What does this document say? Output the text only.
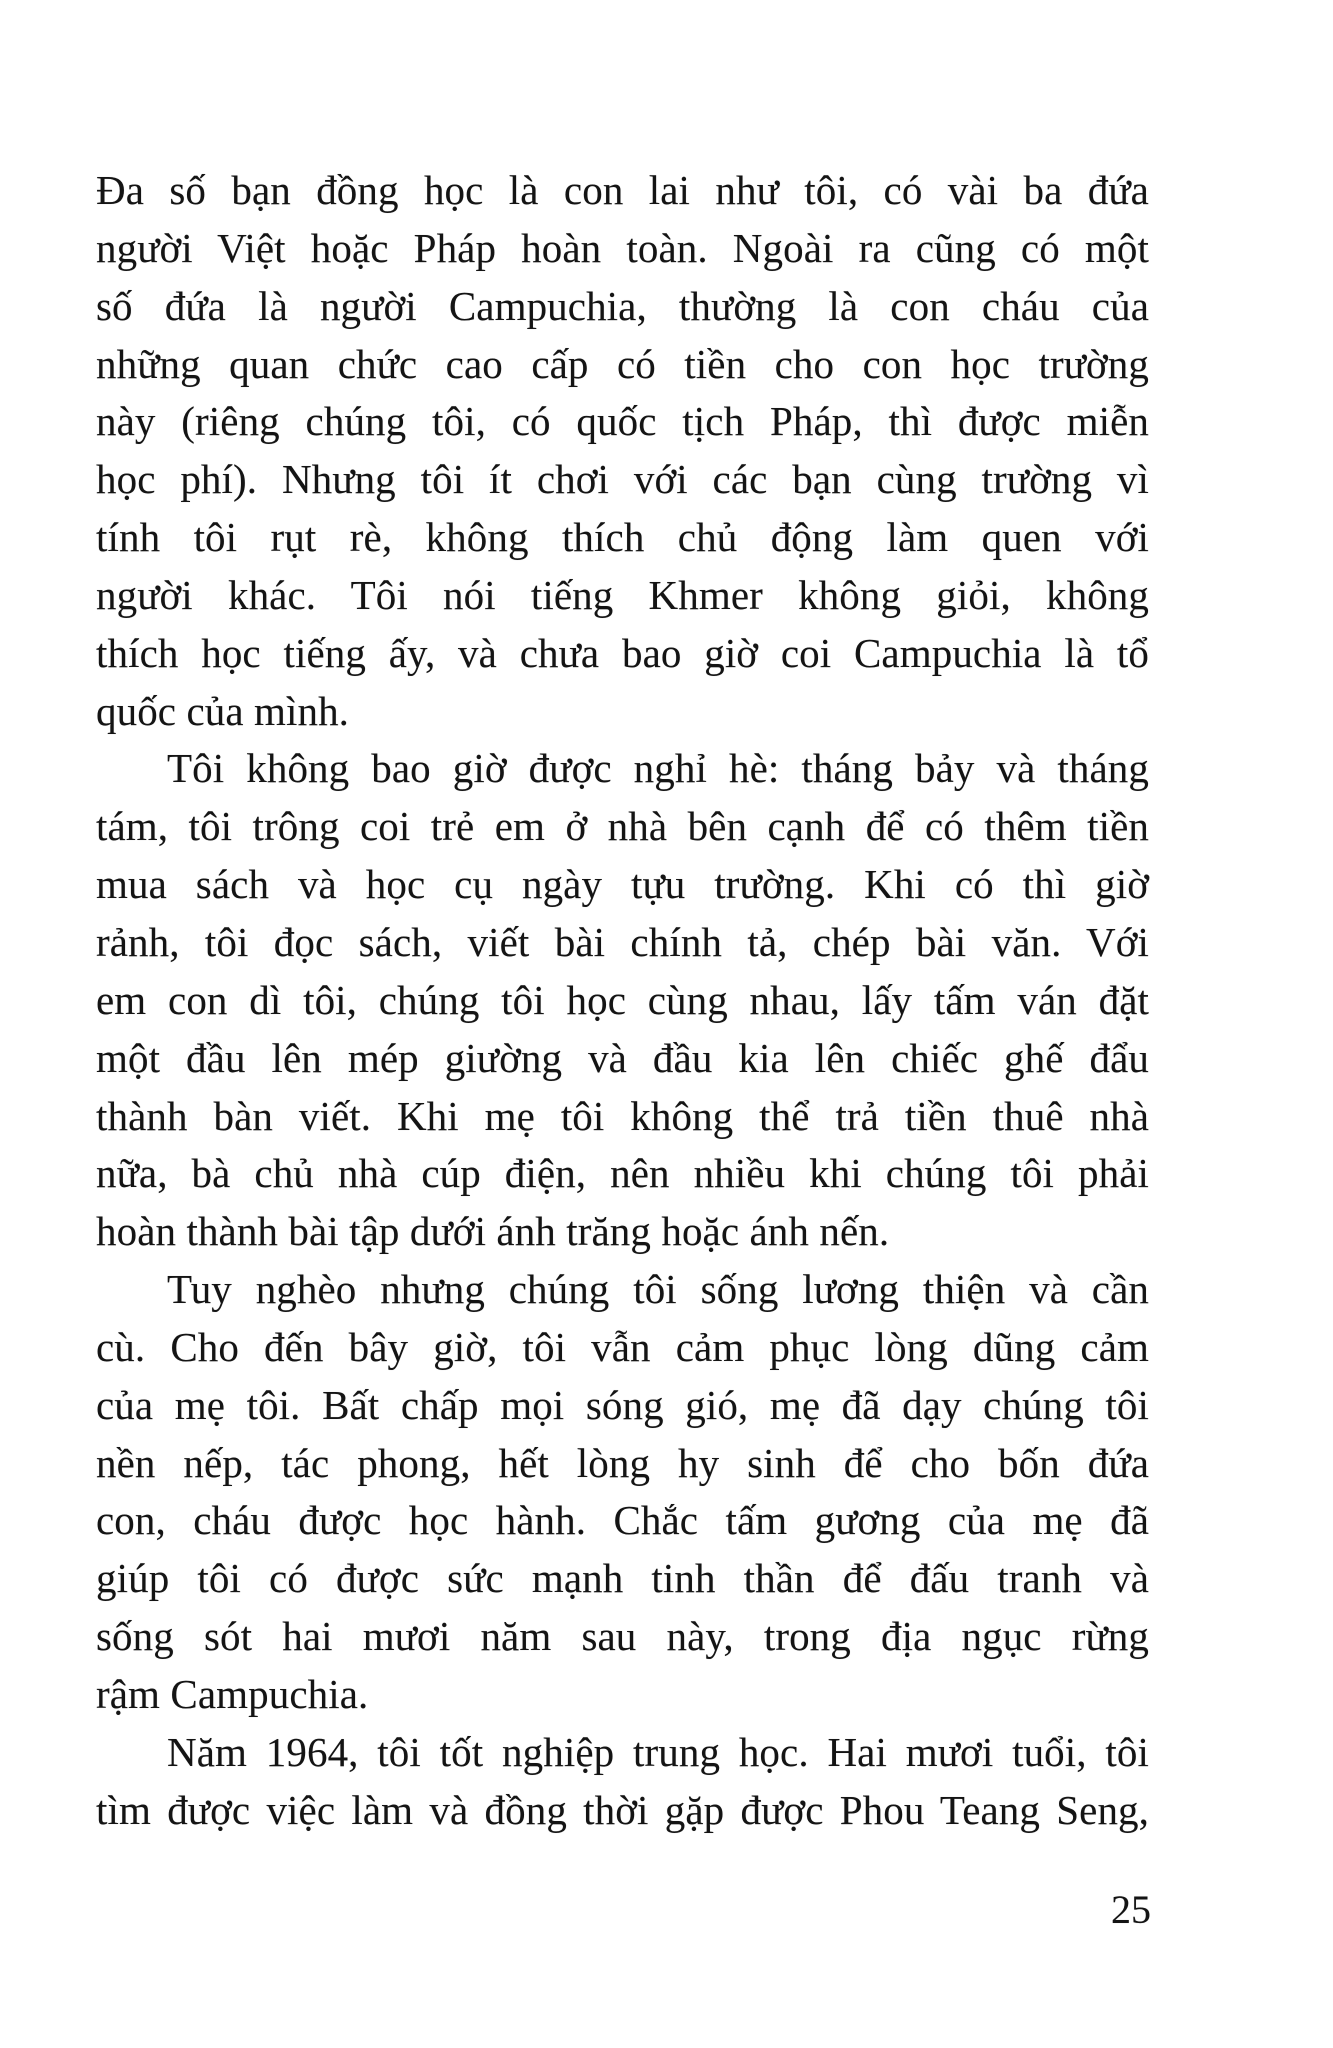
Đa số bạn đồng học là con lai như tôi, có vài ba đứa
người Việt hoặc Pháp hoàn toàn. Ngoài ra cũng có một
số đứa là người Campuchia, thường là con cháu của
những quan chức cao cấp có tiền cho con học trường
này (riêng chúng tôi, có quốc tịch Pháp, thì được miễn
học phí). Nhưng tôi ít chơi với các bạn cùng trường vì
tính tôi rụt rè, không thích chủ động làm quen với
người khác. Tôi nói tiếng Khmer không giỏi, không
thích học tiếng ấy, và chưa bao giờ coi Campuchia là tổ
quốc của mình.
Tôi không bao giờ được nghỉ hè: tháng bảy và tháng
tám, tôi trông coi trẻ em ở nhà bên cạnh để có thêm tiền
mua sách và học cụ ngày tựu trường. Khi có thì giờ
rảnh, tôi đọc sách, viết bài chính tả, chép bài văn. Với
em con dì tôi, chúng tôi học cùng nhau, lấy tấm ván đặt
một đầu lên mép giường và đầu kia lên chiếc ghế đẩu
thành bàn viết. Khi mẹ tôi không thể trả tiền thuê nhà
nữa, bà chủ nhà cúp điện, nên nhiều khi chúng tôi phải
hoàn thành bài tập dưới ánh trăng hoặc ánh nến.
Tuy nghèo nhưng chúng tôi sống lương thiện và cần
cù. Cho đến bây giờ, tôi vẫn cảm phục lòng dũng cảm
của mẹ tôi. Bất chấp mọi sóng gió, mẹ đã dạy chúng tôi
nền nếp, tác phong, hết lòng hy sinh để cho bốn đứa
con, cháu được học hành. Chắc tấm gương của mẹ đã
giúp tôi có được sức mạnh tinh thần để đấu tranh và
sống sót hai mươi năm sau này, trong địa ngục rừng
rậm Campuchia.
Năm 1964, tôi tốt nghiệp trung học. Hai mươi tuổi, tôi
tìm được việc làm và đồng thời gặp được Phou Teang Seng,
25
